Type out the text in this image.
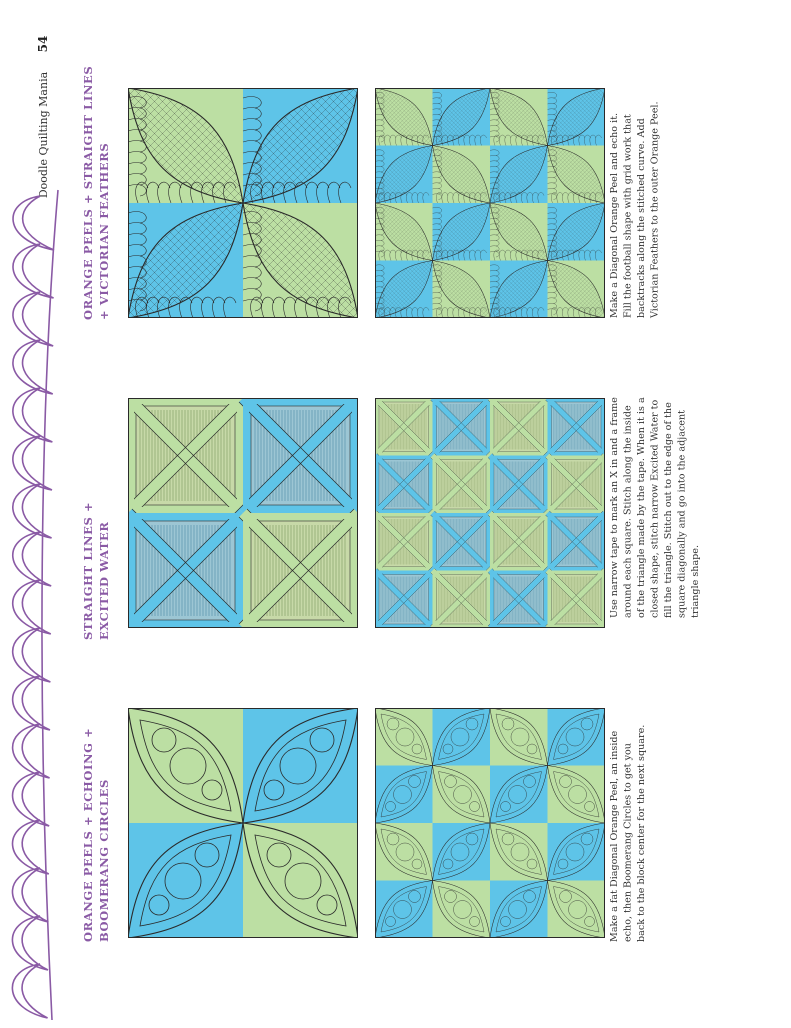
54
Doodle Quilting Mania
ORANGE PEELS + ECHOING + BOOMERANG CIRCLES
STRAIGHT LINES + EXCITED WATER
ORANGE PEELS + STRAIGHT LINES + VICTORIAN FEATHERS
Make a fat Diagonal Orange Peel, an inside echo, then Boomerang Circles to get you back to the block center for the next square.
Use narrow tape to mark an X in and a frame around each square. Stitch along the inside of the triangle made by the tape. When it is a closed shape, stitch narrow Excited Water to fill the triangle. Stitch out to the edge of the square diagonally and go into the adjacent triangle shape.
Make a Diagonal Orange Peel and echo it. Fill the football shape with grid work that backtracks along the stitched curve. Add Victorian Feathers to the outer Orange Peel.
